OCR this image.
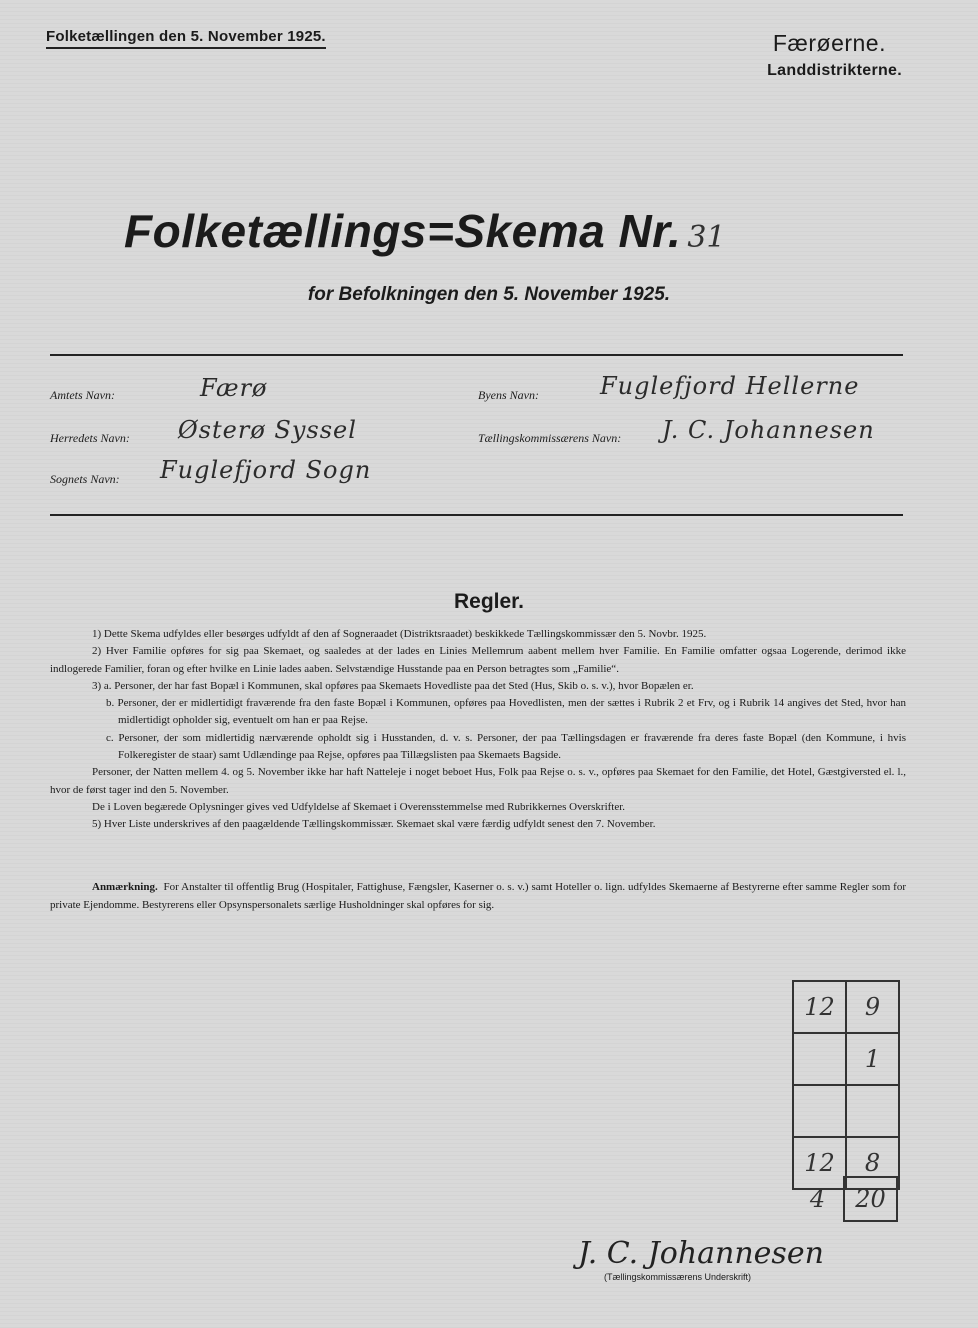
Folketællingen den 5. November 1925.	Færøerne.
Landdistrikterne.
Folketællings=Skema Nr. 31
for Befolkningen den 5. November 1925.
Amtets Navn:	Færø
Herredets Navn: Østerø Syssel
Sognets Navn: Fuglefjord Sogn
Byens Navn:	Fuglefjord Hellerne
Tællingskommissærens Navn: J. C. Johannesen
Regler.

1) Dette Skema udfyldes eller besørges udfyldt af den af Sogneraadet (Distriktsraadet) beskikkede Tællingskommissær den 5. Novbr. 1925.

2) Hver Familie opføres for sig paa Skemaet, og saaledes at der lades en Linies Mellemrum aabent mellem hver Familie. En Familie omfatter ogsaa Logerende, derimod ikke indlogerede Familier, foran og efter hvilke en Linie lades aaben. Selvstændige Husstande paa en Person betragtes som „Familie“.

3) a. Personer, der har fast Bopæl i Kommunen, skal opføres paa Skemaets Hovedliste paa det Sted (Hus, Skib o. s. v.), hvor Bopælen er.

b. Personer, der er midlertidigt fraværende fra den faste Bopæl i Kommunen, opføres paa Hovedlisten, men der sættes i Rubrik 2 et Frv, og i Rubrik 14 angives det Sted, hvor han midlertidigt opholder sig, eventuelt om han er paa Rejse.

c. Personer, der som midlertidig nærværende opholdt sig i Husstanden, d. v. s. Personer, der paa Tællingsdagen er fraværende fra deres faste Bopæl (den Kommune, i hvis Folkeregister de staar) samt Udlændinge paa Rejse, opføres paa Tillægslisten paa Skemaets Bagside.

Personer, der Natten mellem 4. og 5. November ikke har haft Natteleje i noget beboet Hus, Folk paa Rejse o. s. v., opføres paa Skemaet for den Familie, det Hotel, Gæstgiversted el. l., hvor de først tager ind den 5. November.

De i Loven begærede Oplysninger gives ved Udfyldelse af Skemaet i Overensstemmelse med Rubrikkernes Overskrifter.

5) Hver Liste underskrives af den paagældende Tællingskommissær. Skemaet skal være færdig udfyldt senest den 7. November.

Anmærkning. For Anstalter til offentlig Brug (Hospitaler, Fattighuse, Fængsler, Kaserner o. s. v.) samt Hoteller o. lign. udfyldes Skemaerne af Bestyrerne efter samme Regler som for private Ejendomme. Bestyrerens eller Opsynspersonalets særlige Husholdninger skal opføres for sig.
12	9
	1

12	8
4	20
J. C. Johannesen
(Tællingskommissærens Underskrift)
